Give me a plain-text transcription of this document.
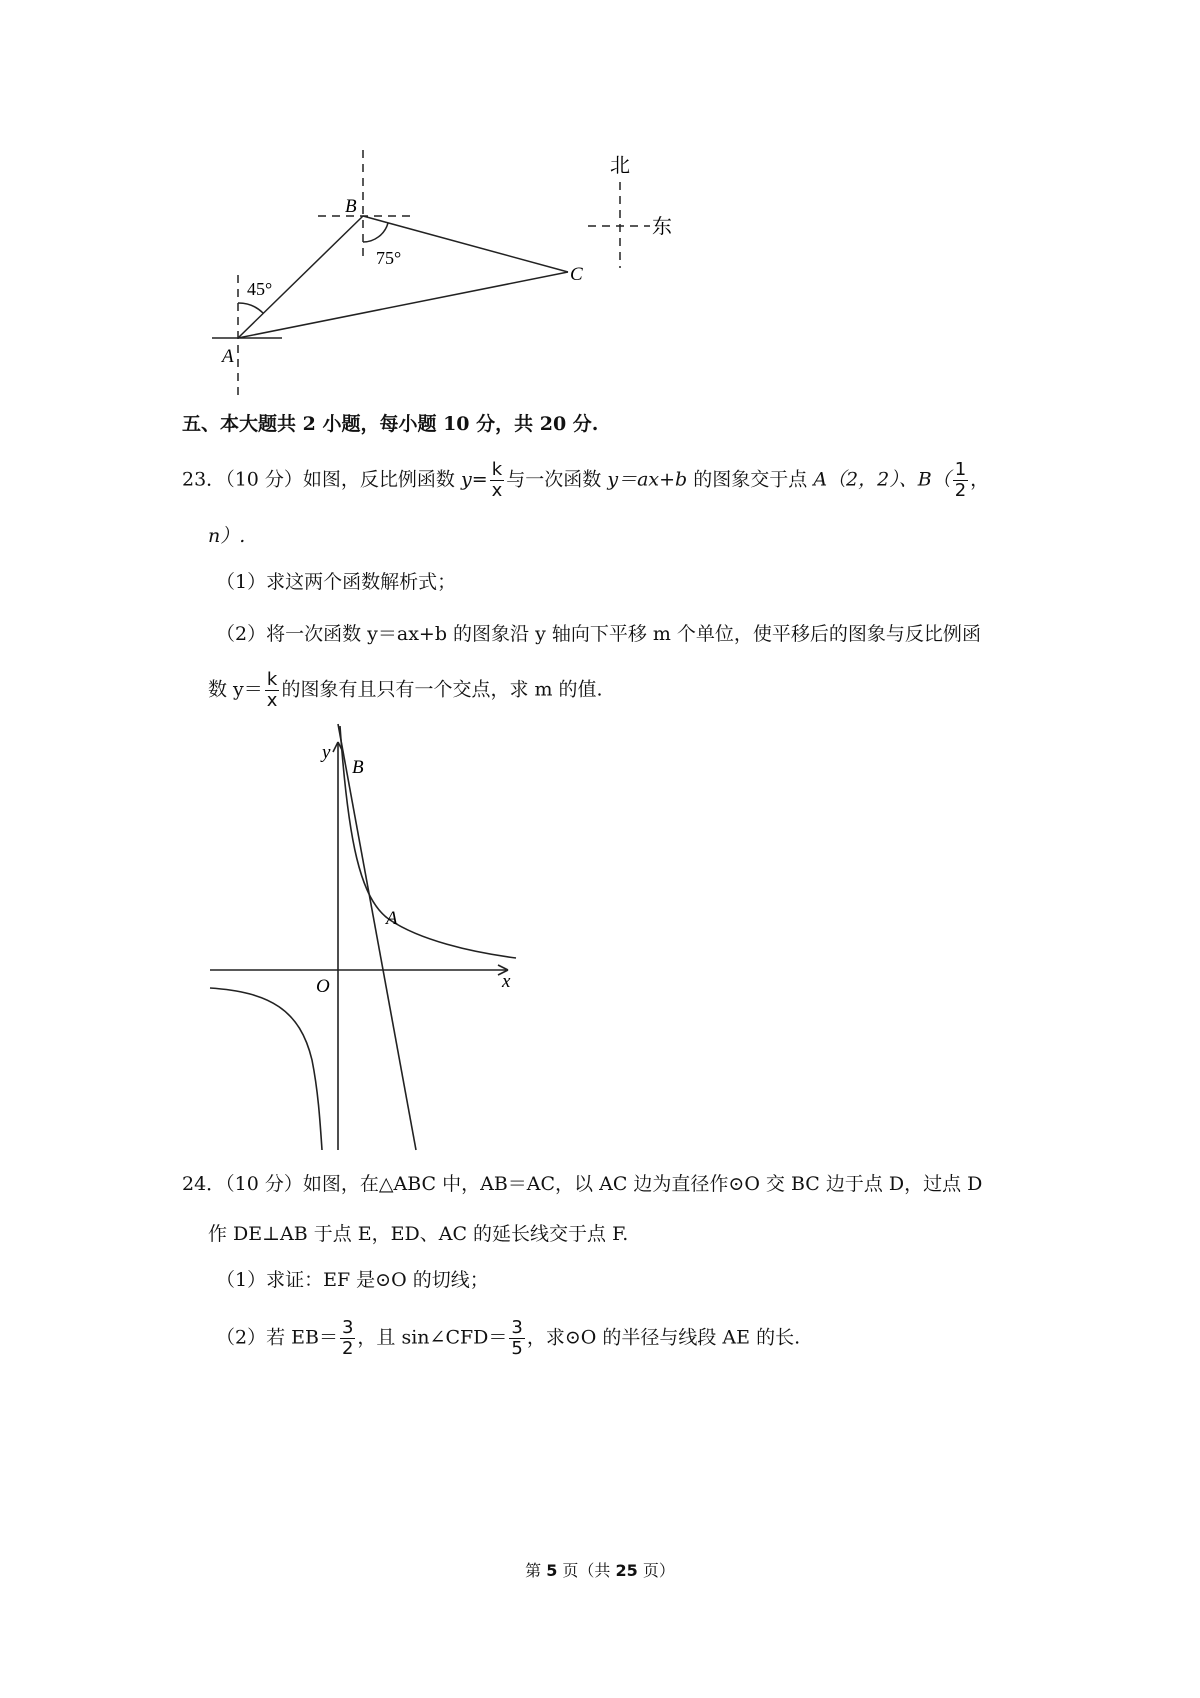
B
A
C
45°
75°
北
东
五、本大题共 2 小题，每小题 10 分，共 20 分.
23．（10 分）如图，反比例函数 $y= \frac{k}{x}$ 与一次函数 y＝ax+b 的图象交于点 A（2，2）、$B( \frac{1}{2}$ ，
n）.
（1）求这两个函数解析式；
（2）将一次函数 y＝ax+b 的图象沿 y 轴向下平移 m 个单位，使平移后的图象与反比例函
数 $y= \frac{k}{x}$ 的图象有且只有一个交点，求 m 的值.
y
B
A
O	x
24．（10 分）如图，在△ABC 中，AB＝AC，以 AC 边为直径作⊙O 交 BC 边于点 D，过点 D
作 DE⊥AB 于点 E，ED、AC 的延长线交于点 F.
（1）求证：EF 是⊙O 的切线；
（2）若 $EB= \frac{3}{2}$ ，且 sin∠CFD＝ $\frac{3}{5}$ ，求⊙O 的半径与线段 AE 的长.
第 5 页（共 25 页）
